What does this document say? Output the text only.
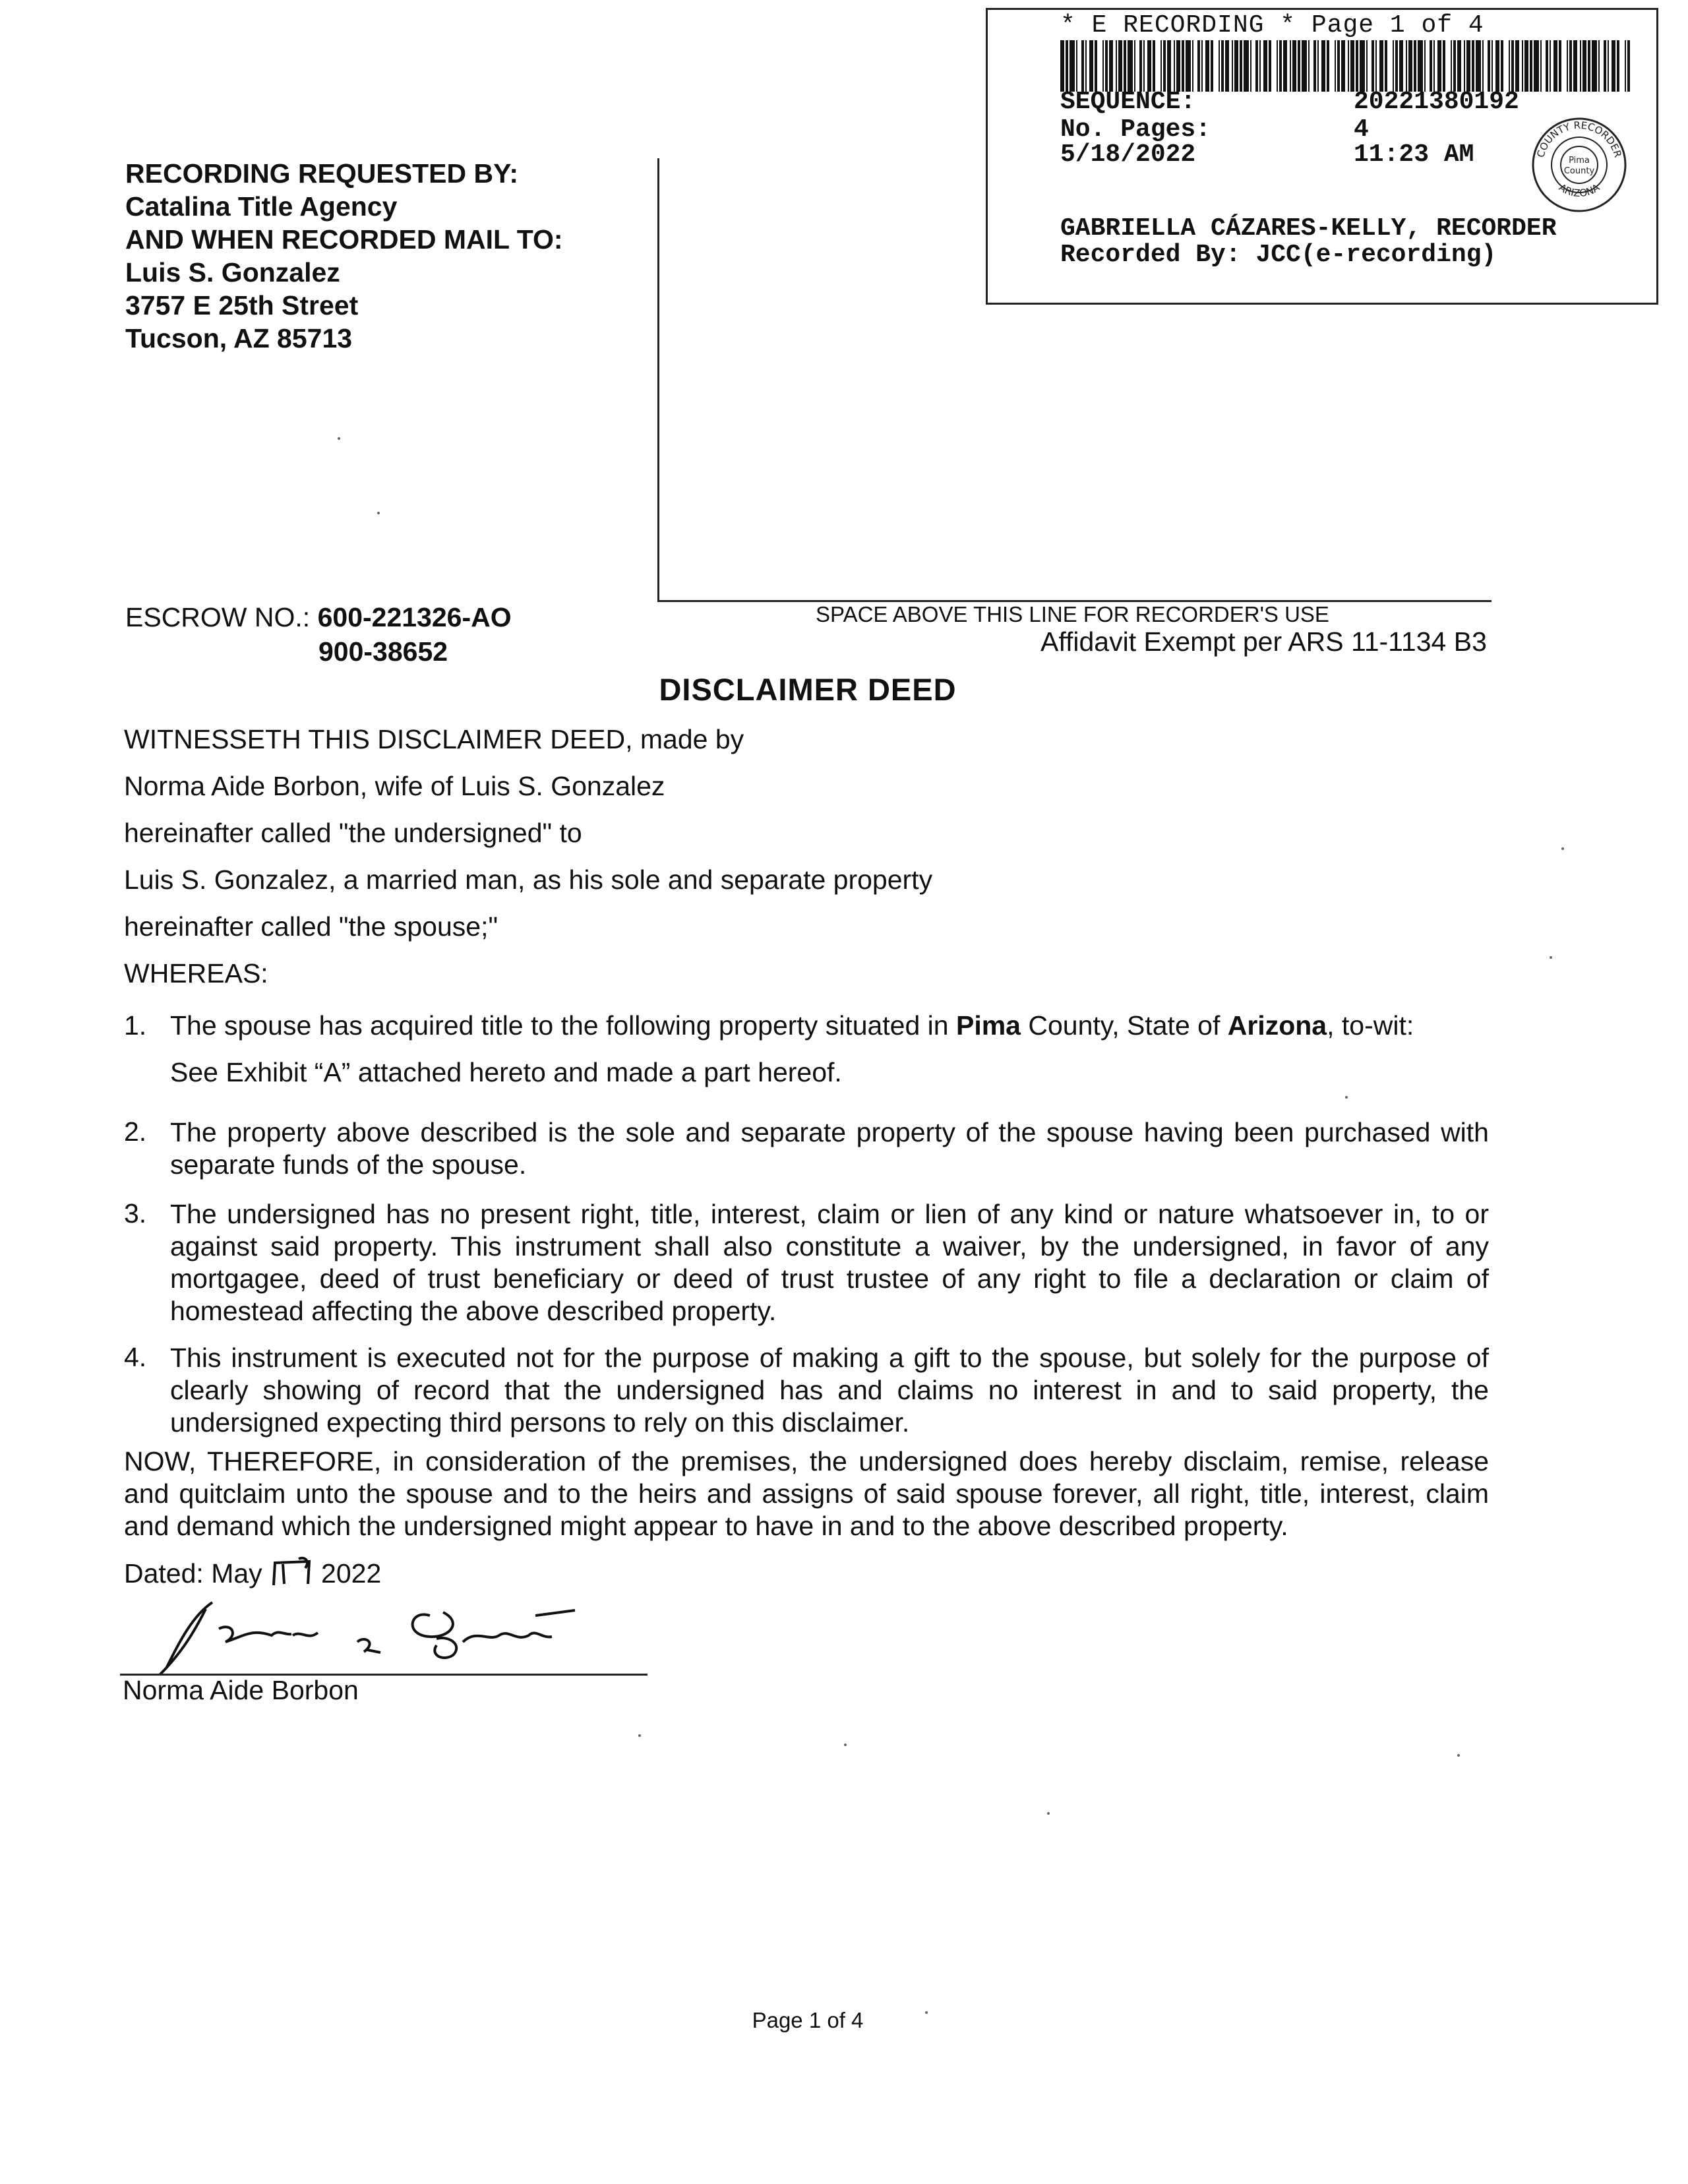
* E RECORDING * Page 1 of 4
SEQUENCE:	20221380192
No. Pages:	4
5/18/2022	11:23 AM	COUNTY RECORDER
ARIZONA
Pima
County
GABRIELLA CÁZARES-KELLY, RECORDER
Recorded By: JCC(e-recording)
RECORDING REQUESTED BY:
Catalina Title Agency
AND WHEN RECORDED MAIL TO:
Luis S. Gonzalez
3757 E 25th Street
Tucson, AZ 85713
ESCROW NO.: 600-221326-AO
900-38652
SPACE ABOVE THIS LINE FOR RECORDER'S USE
Affidavit Exempt per ARS 11-1134 B3
DISCLAIMER DEED
WITNESSETH THIS DISCLAIMER DEED, made by
Norma Aide Borbon, wife of Luis S. Gonzalez
hereinafter called "the undersigned" to
Luis S. Gonzalez, a married man, as his sole and separate property
hereinafter called "the spouse;"
WHEREAS:
1. The spouse has acquired title to the following property situated in Pima County, State of Arizona, to-wit:
See Exhibit “A” attached hereto and made a part hereof.
2. The property above described is the sole and separate property of the spouse having been purchased with separate funds of the spouse.
3. The undersigned has no present right, title, interest, claim or lien of any kind or nature whatsoever in, to or against said property. This instrument shall also constitute a waiver, by the undersigned, in favor of any mortgagee, deed of trust beneficiary or deed of trust trustee of any right to file a declaration or claim of homestead affecting the above described property.
4. This instrument is executed not for the purpose of making a gift to the spouse, but solely for the purpose of clearly showing of record that the undersigned has and claims no interest in and to said property, the undersigned expecting third persons to rely on this disclaimer.
NOW, THEREFORE, in consideration of the premises, the undersigned does hereby disclaim, remise, release and quitclaim unto the spouse and to the heirs and assigns of said spouse forever, all right, title, interest, claim and demand which the undersigned might appear to have in and to the above described property.
Dated: May 2022
Norma Aide Borbon
Page 1 of 4
